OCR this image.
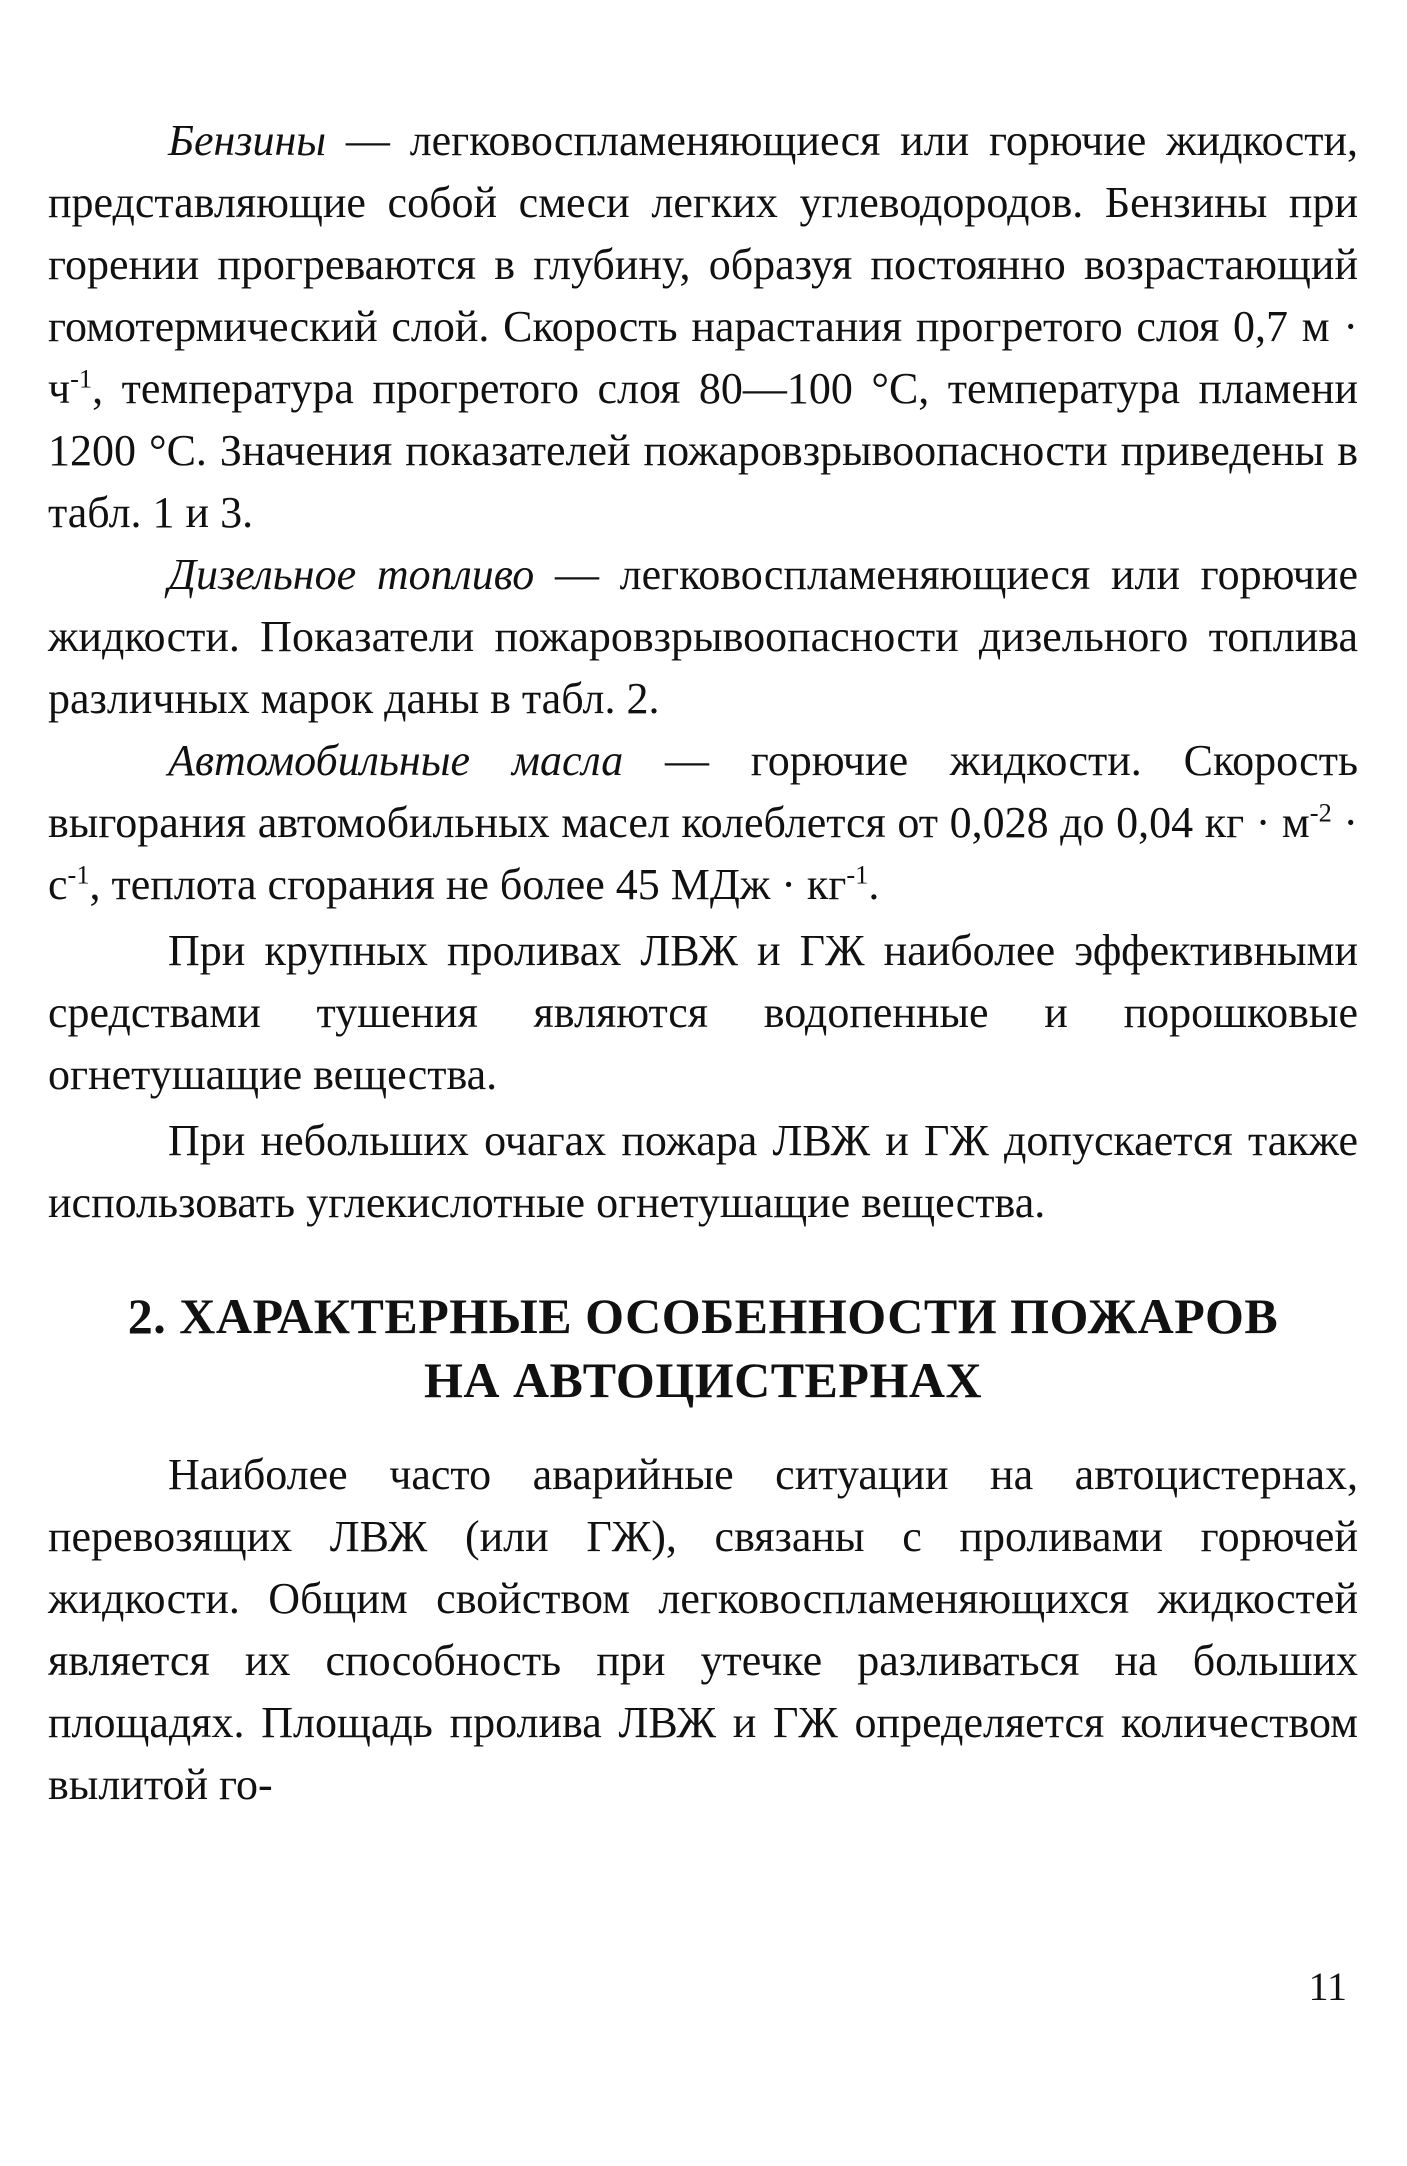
Бензины — легковоспламеняющиеся или горючие жидкости, представляющие собой смеси легких углеводородов. Бензины при горении прогреваются в глубину, образуя постоянно возрастающий гомотермический слой. Скорость нарастания прогретого слоя 0,7 $м \cdot ч^{-1}$, температура прогретого слоя 80—100 °С, температура пламени 1200 °С. Значения показателей пожаровзрывоопасности приведены в табл. 1 и 3.

Дизельное топливо — легковоспламеняющиеся или горючие жидкости. Показатели пожаровзрывоопасности дизельного топлива различных марок даны в табл. 2.

Автомобильные масла — горючие жидкости. Скорость выгорания автомобильных масел колеблется от 0,028 до 0,04 кг · $м^{-2} \cdot с^{-1}$, теплота сгорания не более 45 МДж · $кг^{-1}$.

При крупных проливах ЛВЖ и ГЖ наиболее эффективными средствами тушения являются водопенные и порошковые огнетушащие вещества.

При небольших очагах пожара ЛВЖ и ГЖ допускается также использовать углекислотные огнетушащие вещества.

2. ХАРАКТЕРНЫЕ ОСОБЕННОСТИ ПОЖАРОВ
НА АВТОЦИСТЕРНАХ

Наиболее часто аварийные ситуации на автоцистернах, перевозящих ЛВЖ (или ГЖ), связаны с проливами горючей жидкости. Общим свойством легковоспламеняющихся жидкостей является их способность при утечке разливаться на больших площадях. Площадь пролива ЛВЖ и ГЖ определяется количеством вылитой го-

11
